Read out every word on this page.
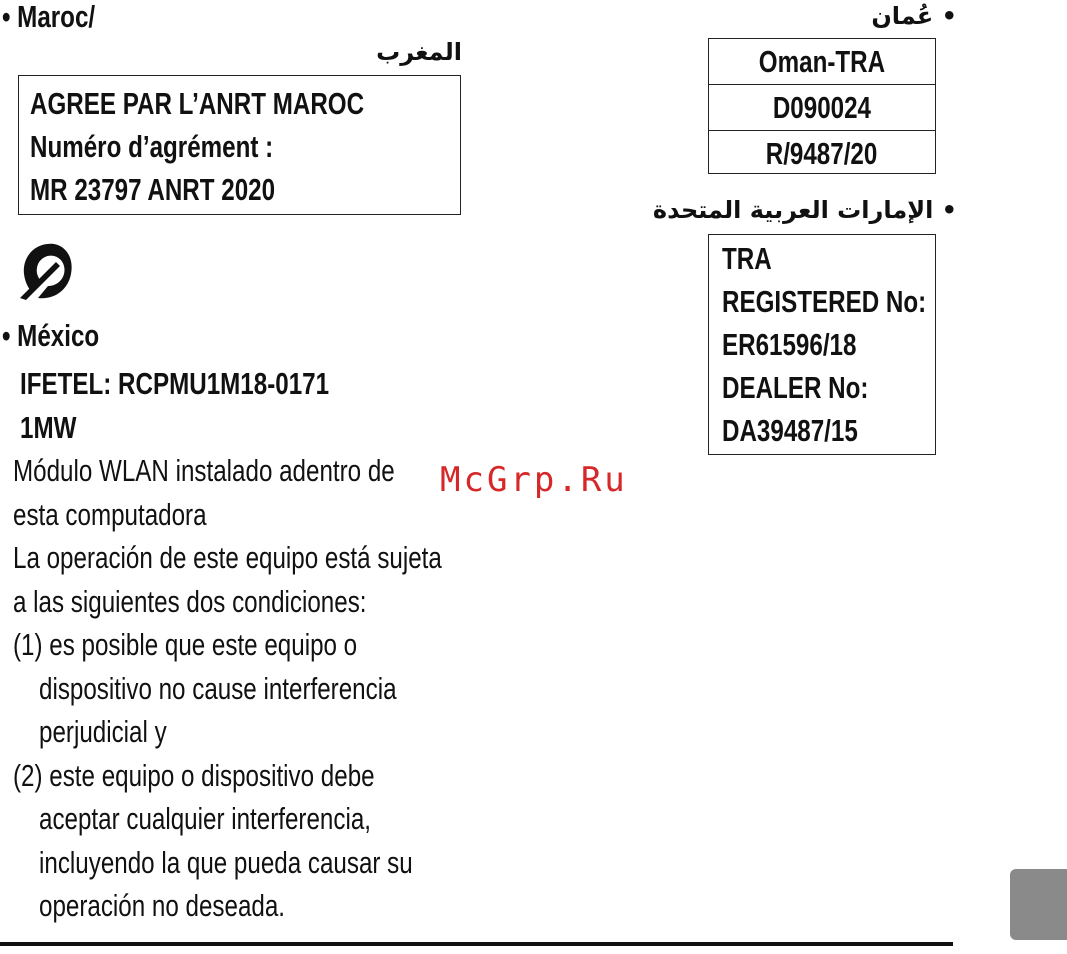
• Maroc/
المغرب
AGREE PAR L’ANRT MAROC
Numéro d’agrément :
MR 23797 ANRT 2020
• México
IFETEL: RCPMU1M18-0171
1MW
Módulo WLAN instalado adentro de
esta computadora
La operación de este equipo está sujeta
a las siguientes dos condiciones:
(1) es posible que este equipo o
dispositivo no cause interferencia
perjudicial y
(2) este equipo o dispositivo debe
aceptar cualquier interferencia,
incluyendo la que pueda causar su
operación no deseada.
McGrp.Ru
• عُمان
Oman-TRA
D090024
R/9487/20
• الإمارات العربية المتحدة
TRA
REGISTERED No:
ER61596/18
DEALER No:
DA39487/15
